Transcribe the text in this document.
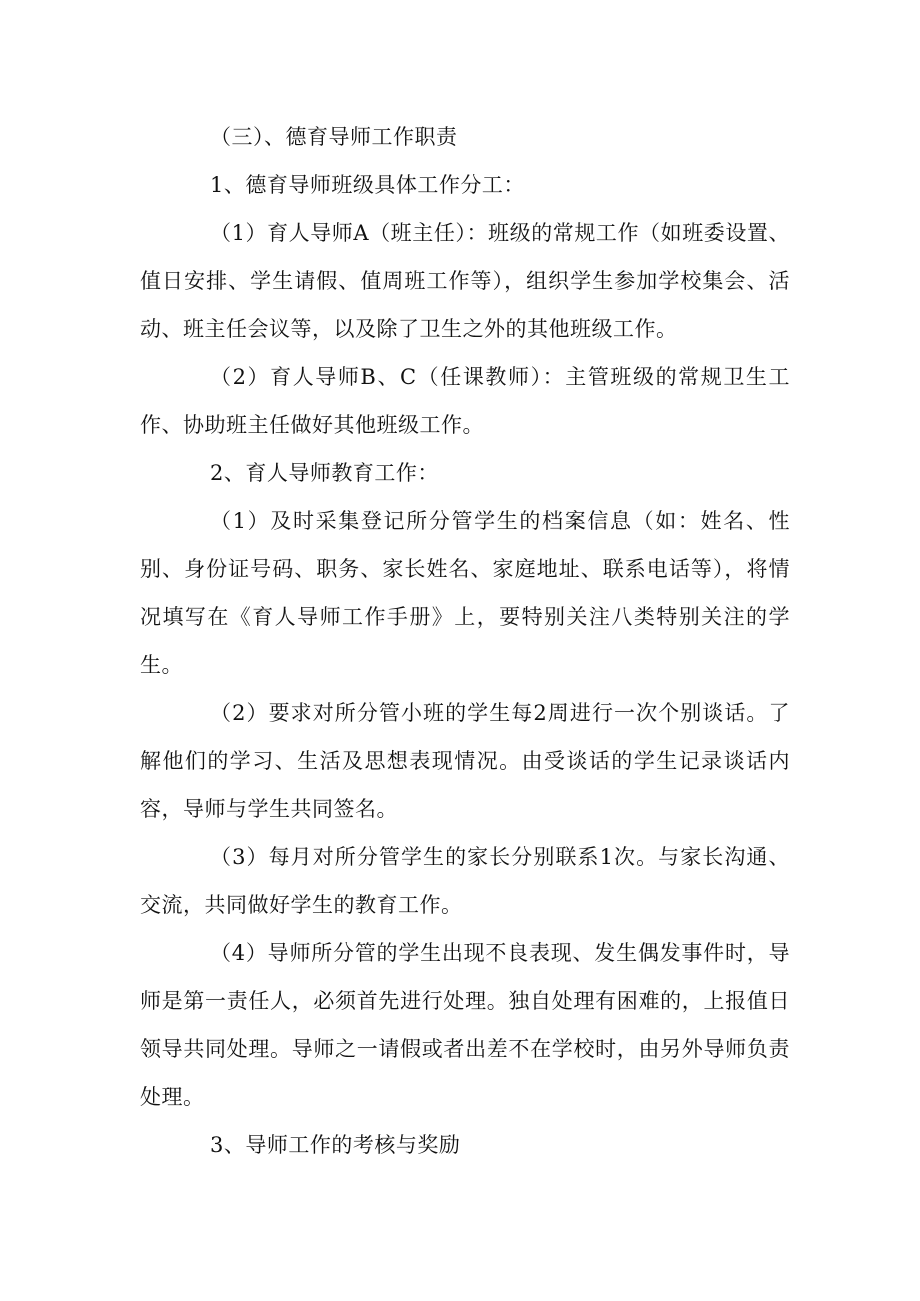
（三）、德育导师工作职责

1、德育导师班级具体工作分工：

（1）育人导师A（班主任）：班级的常规工作（如班委设置、值日安排、学生请假、值周班工作等），组织学生参加学校集会、活动、班主任会议等，以及除了卫生之外的其他班级工作。

（2）育人导师B、C（任课教师）：主管班级的常规卫生工作、协助班主任做好其他班级工作。

2、育人导师教育工作：

（1）及时采集登记所分管学生的档案信息（如：姓名、性别、身份证号码、职务、家长姓名、家庭地址、联系电话等），将情况填写在《育人导师工作手册》上，要特别关注八类特别关注的学生。

（2）要求对所分管小班的学生每2周进行一次个别谈话。了解他们的学习、生活及思想表现情况。由受谈话的学生记录谈话内容，导师与学生共同签名。

（3）每月对所分管学生的家长分别联系1次。与家长沟通、交流，共同做好学生的教育工作。

（4）导师所分管的学生出现不良表现、发生偶发事件时，导师是第一责任人，必须首先进行处理。独自处理有困难的，上报值日领导共同处理。导师之一请假或者出差不在学校时，由另外导师负责处理。

3、导师工作的考核与奖励
